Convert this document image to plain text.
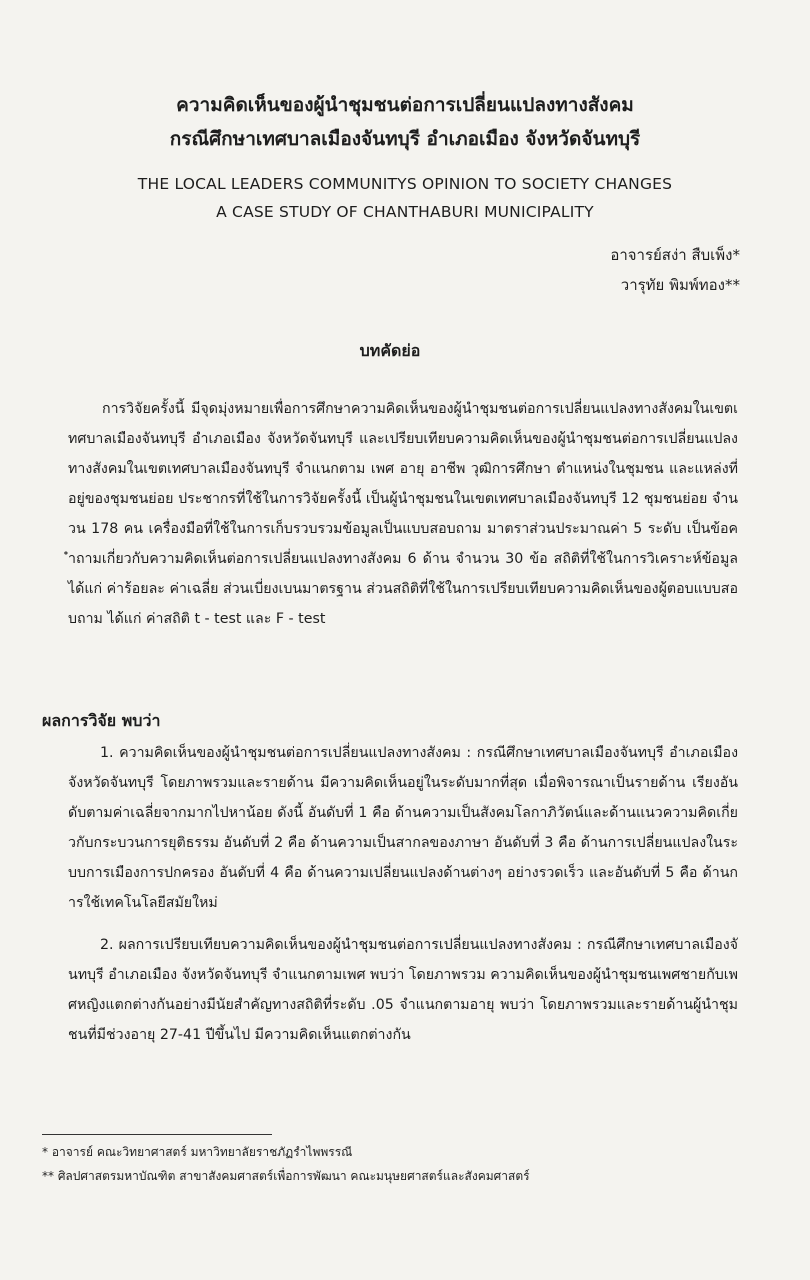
ความคิดเห็นของผู้นำชุมชนต่อการเปลี่ยนแปลงทางสังคม
กรณีศึกษาเทศบาลเมืองจันทบุรี อำเภอเมือง จังหวัดจันทบุรี
THE LOCAL LEADERS COMMUNITYS OPINION TO SOCIETY CHANGES
A CASE STUDY OF CHANTHABURI MUNICIPALITY
อาจารย์สง่า สืบเพ็ง*
วารุทัย พิมพ์ทอง**
บทคัดย่อ
การวิจัยครั้งนี้ มีจุดมุ่งหมายเพื่อการศึกษาความคิดเห็นของผู้นำชุมชนต่อการเปลี่ยนแปลงทางสังคมในเขตเทศบาลเมืองจันทบุรี อำเภอเมือง จังหวัดจันทบุรี และเปรียบเทียบความคิดเห็นของผู้นำชุมชนต่อการเปลี่ยนแปลงทางสังคมในเขตเทศบาลเมืองจันทบุรี จำแนกตาม เพศ อายุ อาชีพ วุฒิการศึกษา ตำแหน่งในชุมชน และแหล่งที่อยู่ของชุมชนย่อย ประชากรที่ใช้ในการวิจัยครั้งนี้ เป็นผู้นำชุมชนในเขตเทศบาลเมืองจันทบุรี 12 ชุมชนย่อย จำนวน 178 คน เครื่องมือที่ใช้ในการเก็บรวบรวมข้อมูลเป็นแบบสอบถาม มาตราส่วนประมาณค่า 5 ระดับ เป็นข้อคำถามเกี่ยวกับความคิดเห็นต่อการเปลี่ยนแปลงทางสังคม 6 ด้าน จำนวน 30 ข้อ สถิติที่ใช้ในการวิเคราะห์ข้อมูล ได้แก่ ค่าร้อยละ ค่าเฉลี่ย ส่วนเบี่ยงเบนมาตรฐาน ส่วนสถิติที่ใช้ในการเปรียบเทียบความคิดเห็นของผู้ตอบแบบสอบถาม ได้แก่ ค่าสถิติ t - test และ F - test
ผลการวิจัย พบว่า
1. ความคิดเห็นของผู้นำชุมชนต่อการเปลี่ยนแปลงทางสังคม : กรณีศึกษาเทศบาลเมืองจันทบุรี อำเภอเมือง จังหวัดจันทบุรี โดยภาพรวมและรายด้าน มีความคิดเห็นอยู่ในระดับมากที่สุด เมื่อพิจารณาเป็นรายด้าน เรียงอันดับตามค่าเฉลี่ยจากมากไปหาน้อย ดังนี้ อันดับที่ 1 คือ ด้านความเป็นสังคมโลกาภิวัตน์และด้านแนวความคิดเกี่ยวกับกระบวนการยุติธรรม อันดับที่ 2 คือ ด้านความเป็นสากลของภาษา อันดับที่ 3 คือ ด้านการเปลี่ยนแปลงในระบบการเมืองการปกครอง อันดับที่ 4 คือ ด้านความเปลี่ยนแปลงด้านต่างๆ อย่างรวดเร็ว และอันดับที่ 5 คือ ด้านการใช้เทคโนโลยีสมัยใหม่
2. ผลการเปรียบเทียบความคิดเห็นของผู้นำชุมชนต่อการเปลี่ยนแปลงทางสังคม : กรณีศึกษาเทศบาลเมืองจันทบุรี อำเภอเมือง จังหวัดจันทบุรี จำแนกตามเพศ พบว่า โดยภาพรวม ความคิดเห็นของผู้นำชุมชนเพศชายกับเพศหญิงแตกต่างกันอย่างมีนัยสำคัญทางสถิติที่ระดับ .05 จำแนกตามอายุ พบว่า โดยภาพรวมและรายด้านผู้นำชุมชนที่มีช่วงอายุ 27-41 ปีขึ้นไป มีความคิดเห็นแตกต่างกัน
* อาจารย์ คณะวิทยาศาสตร์ มหาวิทยาลัยราชภัฏรำไพพรรณี
** ศิลปศาสตรมหาบัณฑิต สาขาสังคมศาสตร์เพื่อการพัฒนา คณะมนุษยศาสตร์และสังคมศาสตร์
